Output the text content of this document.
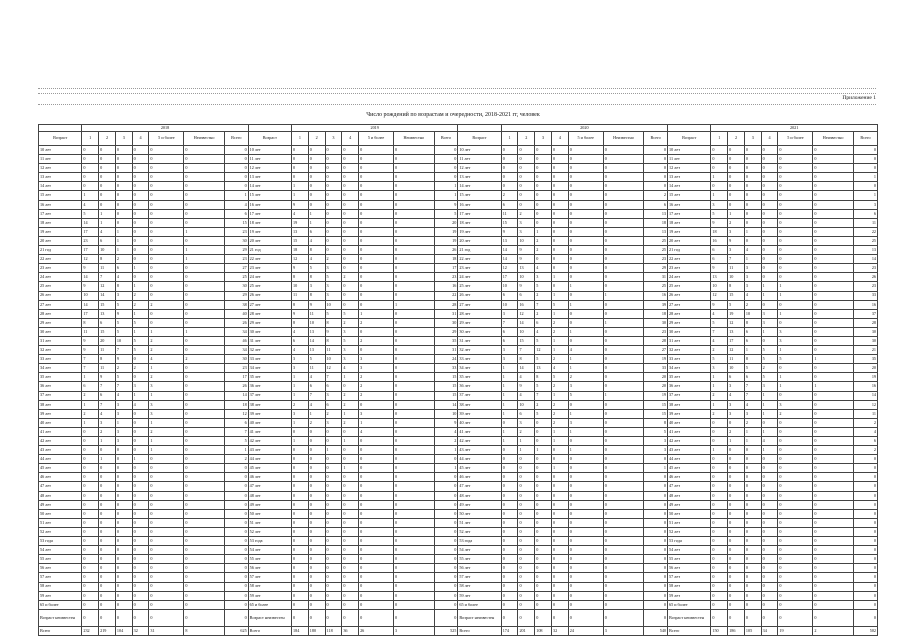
Приложение 1
Число рождений по возрастам и очередности, 2018-2021 гг, человек
	2018								2019								2020								2021						
Возраст	1	2	3	4	5 и более	Неизвестно	Всего	Возраст	1	2	3	4	5 и более	Неизвестно	Всего	Возраст	1	2	3	4	5 и более	Неизвестно	Всего	Возраст	1	2	3	4	5 и более	Неизвестно	Всего
10 лет	0	0	0	0	0	0	0	10 лет	0	0	0	0	0	0	0	10 лет	0	0	0	0	0	0	0	10 лет	0	0	0	0	0	0	0
11 лет	0	0	0	0	0	0	0	11 лет	0	0	0	0	0	0	0	11 лет	0	0	0	0	0	0	0	11 лет	0	0	0	0	0	0	0
12 лет	0	0	0	0	0	0	0	12 лет	0	0	0	0	0	0	0	12 лет	0	0	0	0	0	0	0	12 лет	0	0	0	0	0	0	0
13 лет	0	0	0	0	0	0	0	13 лет	0	0	0	0	0	0	0	13 лет	0	0	0	0	0	0	0	13 лет	1	0	0	0	0	0	1
14 лет	0	0	0	0	0	0	0	14 лет	1	0	0	0	0	0	1	14 лет	0	0	0	0	0	0	0	14 лет	0	0	0	0	0	0	0
15 лет	1	0	0	0	0	0	1	15 лет	1	0	0	0	0	0	1	15 лет	2	0	0	0	0	0	2	15 лет	1	0	0	0	0	0	1
16 лет	4	0	0	0	0	0	4	16 лет	9	0	0	0	0	0	9	16 лет	6	0	0	0	0	0	6	16 лет	3	0	0	0	0	0	3
17 лет	5	1	0	0	0	0	6	17 лет	4	1	0	0	0	0	5	17 лет	11	2	0	0	0	0	13	17 лет	5	1	0	0	0	0	6
18 лет	14	1	0	0	0	0	15	18 лет	19	1	0	0	0	0	20	18 лет	15	3	0	0	0	0	18	18 лет	9	2	0	0	0	0	11
19 лет	17	4	1	0	0	1	23	19 лет	13	6	0	0	0	0	19	19 лет	9	3	1	0	0	0	13	19 лет	18	3	1	0	0	0	22
20 лет	23	6	1	0	0	0	30	20 лет	15	4	0	0	0	0	19	20 лет	13	10	2	0	0	0	25	20 лет	16	9	0	0	0	0	25
21 год	17	10	1	0	0	1	29	21 год	18	8	0	0	0	0	26	21 год	14	9	2	0	0	0	25	21 год	6	3	4	0	0	0	13
22 лет	12	8	2	0	0	1	23	22 лет	12	4	2	0	0	0	18	22 лет	14	9	0	0	0	0	23	22 лет	6	7	1	0	0	0	14
23 лет	9	11	6	1	0	0	27	23 лет	9	5	3	0	0	0	17	23 лет	12	13	4	0	0	0	29	23 лет	9	11	3	0	0	0	23
24 лет	14	7	4	0	0	0	25	24 лет	8	8	5	2	0	0	23	24 лет	17	10	3	1	0	0	31	24 лет	13	10	3	0	0	0	26
25 лет	9	12	8	1	0	0	30	25 лет	10	3	3	0	0	0	16	25 лет	10	9	5	0	1	0	25	25 лет	10	8	3	1	1	0	23
26 лет	10	14	3	2	0	0	29	26 лет	11	8	3	0	0	0	22	26 лет	6	6	2	1	0	1	16	26 лет	12	15	4	1	1	0	33
27 лет	14	15	5	2	2	0	38	27 лет	8	9	10	0	0	1	28	27 лет	10	16	7	5	1	0	39	27 лет	9	5	2	0	0	0	16
28 лет	17	13	9	1	0	0	40	28 лет	9	11	5	5	1	0	31	28 лет	3	12	2	1	0	0	18	28 лет	4	19	10	3	1	0	37
29 лет	8	6	5	5	0	0	26	29 лет	8	10	8	2	2	0	30	29 лет	7	14	6	2	0	1	30	29 лет	5	12	8	3	0	0	28
30 лет	11	15	5	1	1	1	34	30 лет	4	13	9	3	0	0	29	30 лет	6	10	4	2	1	0	23	30 лет	7	13	6	1	3	0	30
31 лет	9	20	10	5	2	0	46	31 лет	6	14	8	5	2	0	35	31 лет	6	15	5	1	0	0	28	31 лет	4	17	6	0	3	0	30
32 лет	9	11	7	5	2	0	34	32 лет	4	13	11	3	0	0	31	32 лет	3	7	12	1	4	0	27	32 лет	2	12	1	5	1	0	21
33 лет	7	8	9	0	4	2	30	33 лет	3	5	10	3	3	0	24	33 лет	3	8	5	2	1	0	19	33 лет	5	11	8	5	5	1	35
34 лет	7	11	2	2	1	0	23	34 лет	3	11	12	4	3	0	33	34 лет	1	14	13	4	1	0	33	34 лет	3	10	5	2	0	0	20
35 лет	1	9	5	0	2	0	17	35 лет	1	4	7	1	2	0	15	35 лет	1	4	8	5	2	0	20	35 лет	1	6	6	5	1	0	19
36 лет	6	7	7	3	3	0	26	36 лет	1	6	6	0	2	0	15	36 лет	1	9	5	2	3	0	20	36 лет	1	3	7	3	1	1	16
37 лет	2	6	4	1	1	0	14	37 лет	1	7	3	2	2	0	15	37 лет	1	4	7	1	5	1	19	37 лет	2	4	7	1	0	0	14
38 лет	1	7	3	4	3	0	18	38 лет	2	4	6	2	0	0	14	38 лет	1	10	2	2	0	0	15	38 лет	1	3	4	1	3	0	12
39 лет	2	4	3	0	3	0	12	39 лет	3	1	2	1	3	0	10	39 лет	1	6	5	2	1	0	15	39 лет	2	3	3	1	2	0	11
40 лет	1	3	1	0	1	0	6	40 лет	1	2	3	2	1	0	9	40 лет	0	3	0	2	3	0	8	40 лет	0	0	2	0	0	0	2
41 лет	0	2	3	0	2	0	7	41 лет	0	0	0	0	4	0	4	41 лет	1	2	0	1	1	0	5	41 лет	0	2	1	1	0	0	4
42 лет	0	1	3	0	1	0	5	42 лет	1	0	0	1	0	0	2	42 лет	1	1	0	1	0	0	3	42 лет	0	1	1	4	0	0	6
43 лет	0	0	0	0	1	0	1	43 лет	0	0	1	0	0	0	1	43 лет	0	1	1	0	1	0	3	43 лет	1	0	0	1	0	0	2
44 лет	0	1	0	1	0	0	2	44 лет	0	0	0	0	0	0	0	44 лет	0	0	0	0	0	0	0	44 лет	0	0	0	0	0	0	0
45 лет	0	0	0	0	0	0	0	45 лет	0	0	0	1	0	0	1	45 лет	0	0	0	1	0	0	1	45 лет	0	0	0	0	0	0	0
46 лет	0	0	0	0	0	0	0	46 лет	0	0	0	0	0	0	0	46 лет	0	0	0	0	0	0	0	46 лет	0	0	0	0	0	0	0
47 лет	0	0	0	0	0	0	0	47 лет	0	0	0	0	0	0	0	47 лет	0	0	0	0	0	0	0	47 лет	0	0	0	0	0	0	0
48 лет	0	0	0	0	0	0	0	48 лет	0	0	0	0	0	0	0	48 лет	0	0	0	0	0	0	0	48 лет	0	0	0	0	0	0	0
49 лет	0	0	0	0	0	0	0	49 лет	0	0	0	0	0	0	0	49 лет	0	0	0	0	0	0	0	49 лет	0	0	0	0	0	0	0
50 лет	0	0	0	0	0	0	0	50 лет	0	0	0	0	0	0	0	50 лет	0	0	0	0	0	0	0	50 лет	0	0	0	0	0	0	0
51 лет	0	0	0	0	0	0	0	51 лет	0	0	0	0	0	0	0	51 лет	0	0	0	0	0	0	0	51 лет	0	0	0	0	0	0	0
52 лет	0	0	0	0	0	0	0	52 лет	0	0	0	0	0	0	0	52 лет	0	0	0	0	0	0	0	52 лет	0	0	0	0	0	0	0
53 года	0	0	0	0	0	0	0	53 года	0	0	0	0	0	0	0	53 года	0	0	0	0	0	0	0	53 года	0	0	0	0	0	0	0
54 лет	0	0	0	0	0	0	0	54 лет	0	0	0	0	0	0	0	54 лет	0	0	0	0	0	0	0	54 лет	0	0	0	0	0	0	0
55 лет	0	0	0	0	0	0	0	55 лет	0	0	0	0	0	0	0	55 лет	0	0	0	0	0	0	0	55 лет	0	0	0	0	0	0	0
56 лет	0	0	0	0	0	0	0	56 лет	0	0	0	0	0	0	0	56 лет	0	0	0	0	0	0	0	56 лет	0	0	0	0	0	0	0
57 лет	0	0	0	0	0	0	0	57 лет	0	0	0	0	0	0	0	57 лет	0	0	0	0	0	0	0	57 лет	0	0	0	0	0	0	0
58 лет	0	0	0	0	0	0	0	58 лет	0	0	0	0	0	0	0	58 лет	0	0	0	0	0	0	0	58 лет	0	0	0	0	0	0	0
59 лет	0	0	0	0	0	0	0	59 лет	0	0	0	0	0	0	0	59 лет	0	0	0	0	0	0	0	59 лет	0	0	0	0	0	0	0
65 и более	0	0	0	0	0	0	0	65 и более	0	0	0	0	0	0	0	65 и более	0	0	0	0	0	0	0	65 и более	0	0	0	0	0	0	0
Возраст неизвестен	0	0	0	0	0	0	0	Возраст неизвестен	0	0	0	0	0	0	0	Возраст неизвестен	0	0	0	0	0	0	0	Возраст неизвестен	0	0	0	0	0	0	0
Всего	232	219	104	32	31	8	625	Всего	184	180	118	36	26	3	525	Всего	174	201	108	32	24	3	540	Всего	150	186	105	34	19	2	502
